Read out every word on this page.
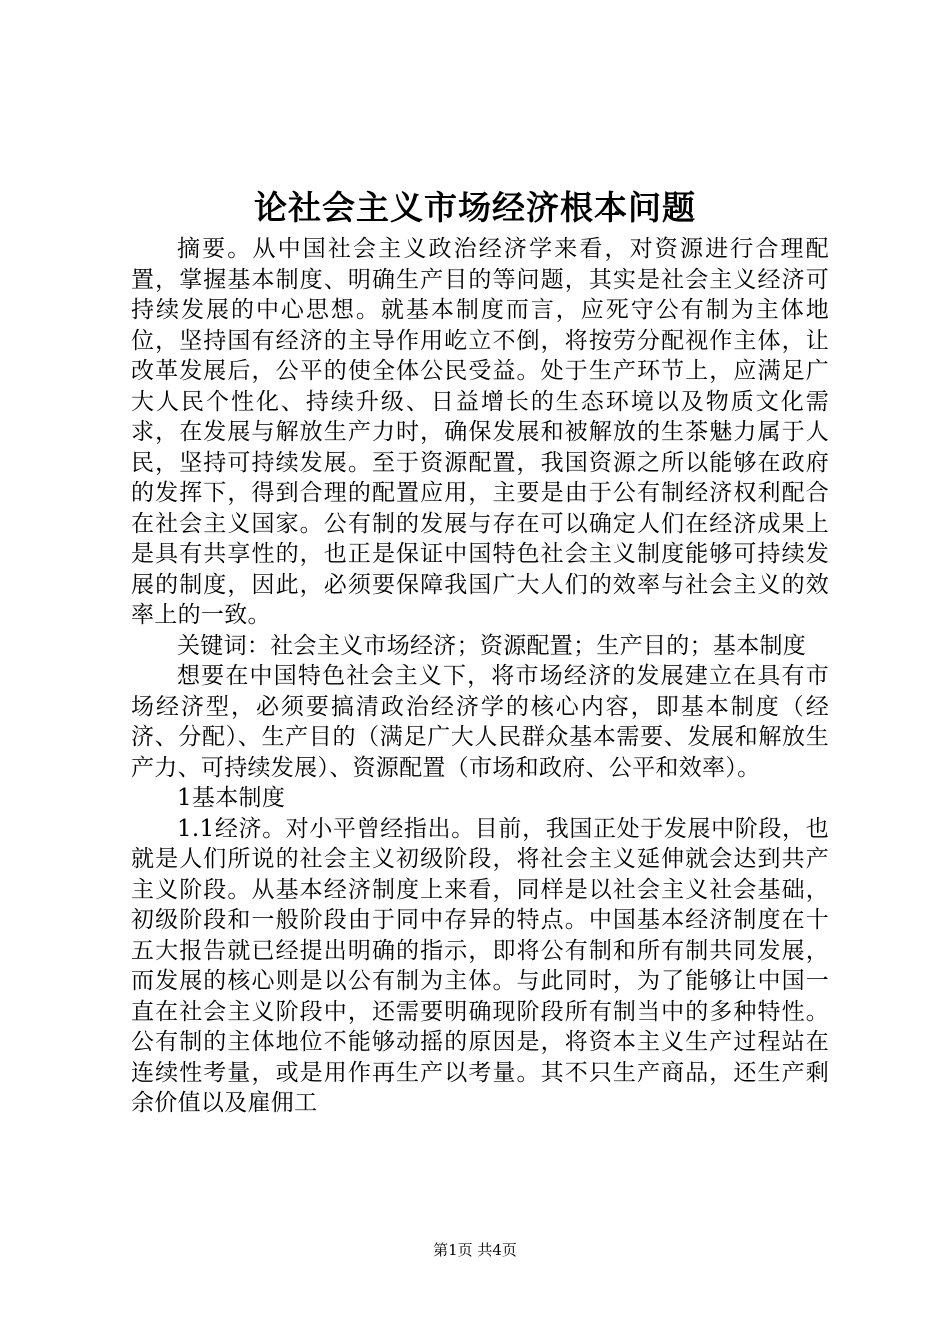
论社会主义市场经济根本问题

摘要。从中国社会主义政治经济学来看，对资源进行合理配置，掌握基本制度、明确生产目的等问题，其实是社会主义经济可持续发展的中心思想。就基本制度而言，应死守公有制为主体地位，坚持国有经济的主导作用屹立不倒，将按劳分配视作主体，让改革发展后，公平的使全体公民受益。处于生产环节上，应满足广大人民个性化、持续升级、日益增长的生态环境以及物质文化需求，在发展与解放生产力时，确保发展和被解放的生茶魅力属于人民，坚持可持续发展。至于资源配置，我国资源之所以能够在政府的发挥下，得到合理的配置应用，主要是由于公有制经济权利配合在社会主义国家。公有制的发展与存在可以确定人们在经济成果上是具有共享性的，也正是保证中国特色社会主义制度能够可持续发展的制度，因此，必须要保障我国广大人们的效率与社会主义的效率上的一致。

关键词：社会主义市场经济；资源配置；生产目的；基本制度

想要在中国特色社会主义下，将市场经济的发展建立在具有市场经济型，必须要搞清政治经济学的核心内容，即基本制度（经济、分配）、生产目的（满足广大人民群众基本需要、发展和解放生产力、可持续发展）、资源配置（市场和政府、公平和效率）。

1基本制度

1.1经济。对小平曾经指出。目前，我国正处于发展中阶段，也就是人们所说的社会主义初级阶段，将社会主义延伸就会达到共产主义阶段。从基本经济制度上来看，同样是以社会主义社会基础，初级阶段和一般阶段由于同中存异的特点。中国基本经济制度在十五大报告就已经提出明确的指示，即将公有制和所有制共同发展，而发展的核心则是以公有制为主体。与此同时，为了能够让中国一直在社会主义阶段中，还需要明确现阶段所有制当中的多种特性。公有制的主体地位不能够动摇的原因是，将资本主义生产过程站在连续性考量，或是用作再生产以考量。其不只生产商品，还生产剩余价值以及雇佣工

第1页 共4页
